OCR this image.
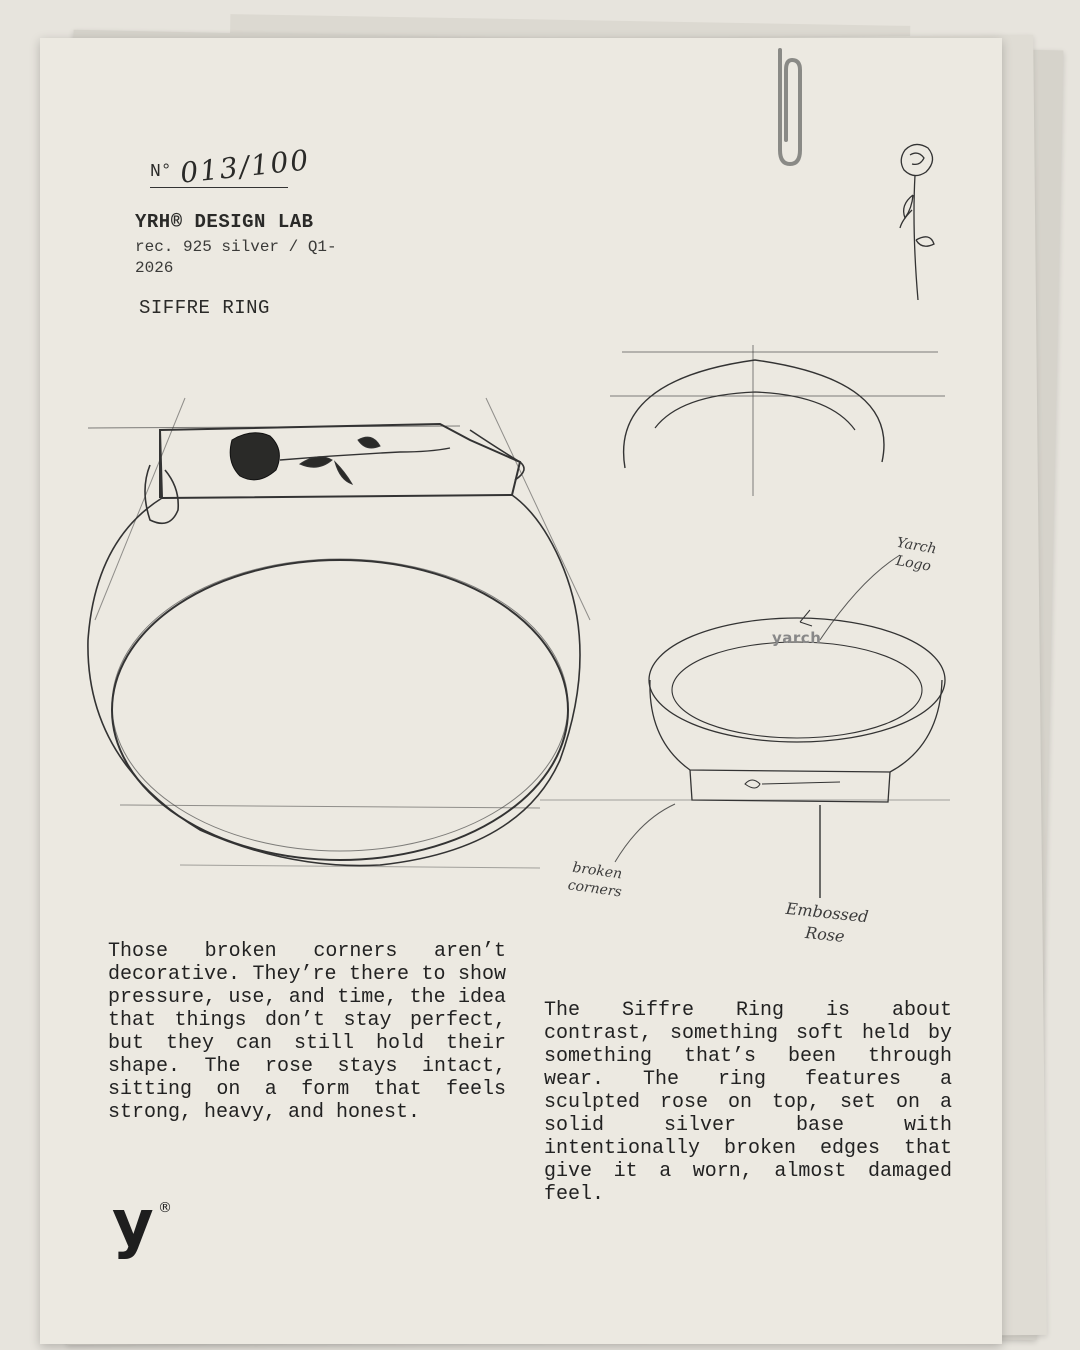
N° 013/100
YRH® DESIGN LAB
rec. 925 silver / Q1-2026
SIFFRE RING
yarch
Yarch Logo
broken corners
Embossed Rose
Those broken corners aren’t decorative. They’re there to show pressure, use, and time, the idea that things don’t stay perfect, but they can still hold their shape. The rose stays intact, sitting on a form that feels strong, heavy, and honest.
The Siffre Ring is about contrast, something soft held by something that’s been through wear. The ring features a sculpted rose on top, set on a solid silver base with intentionally broken edges that give it a worn, almost damaged feel.
y ®
